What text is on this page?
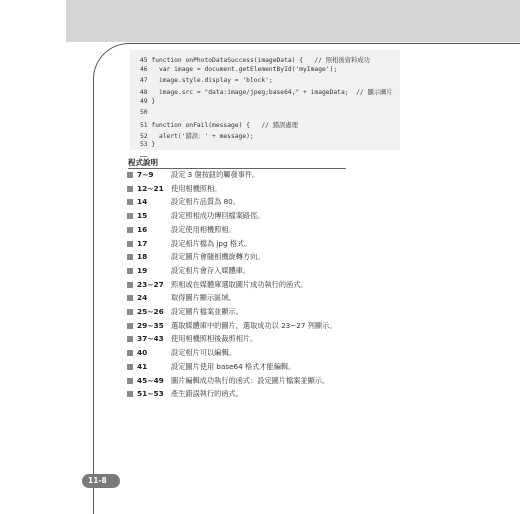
45 function onPhotoDataSuccess(imageData) {   // 照相後資料成功
46   var image = document.getElementById('myImage');
47   image.style.display = 'block';
48   image.src = "data:image/jpeg;base64," + imageData;  // 顯示圖片
49 }
50
51 function onFail(message) {   // 錯誤處理
52   alert('錯誤：' + message);
53 }
……
程式說明
7~9 設定 3 個按鈕的觸發事件。
12~21 使用相機照相。
14	設定相片品質為 80。
15	設定照相成功傳回檔案路徑。
16	設定使用相機照相。
17	設定相片檔為 jpg 格式。
18	設定圖片會隨相機旋轉方向。
19	設定相片會存入媒體庫。
23~27 照相或在媒體庫選取圖片成功執行的函式。
24	取得圖片顯示區域。
25~26 設定圖片檔案並顯示。
29~35 選取媒體庫中的圖片，選取成功以 23~27 列顯示。
37~43 使用相機照相後裁剪相片。
40	設定相片可以編輯。
41	設定圖片使用 base64 格式才能編輯。
45~49 圖片編輯成功執行的函式：設定圖片檔案並顯示。
51~53 產生錯誤執行的函式。
11-8
